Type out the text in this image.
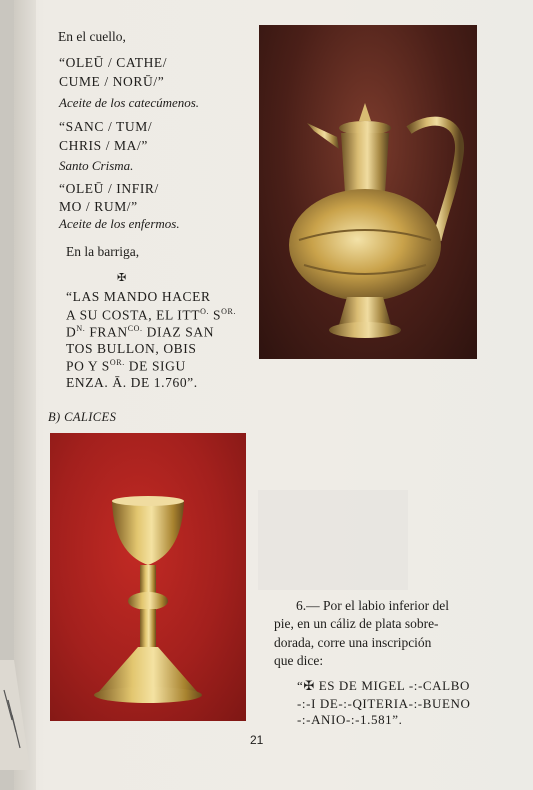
En el cuello,
“OLEŪ / CATHE/
CUME / NORŪ/”
Aceite de los catecúmenos.
“SANC / TUM/
CHRIS / MA/”
Santo Crisma.
“OLEŪ / INFIR/
MO / RUM/”
Aceite de los enfermos.
En la barriga,
✠
“LAS MANDO HACER
A SU COSTA, EL $ITT^{O.}$ $S^{OR.}$
$D^{N.}$ $FRAN^{CO.}$ DIAZ SAN
TOS BULLON, OBIS
PO Y $S^{OR.}$ DE SIGU
ENZA. Ā. DE 1.760”.
B) CALICES
6.— Por el labio inferior del
pie, en un cáliz de plata sobre-
dorada, corre una inscripción
que dice:
“✠ ES DE MIGEL -:-CALBO
-:-I DE-:-QITERIA-:-BUENO
-:-ANIO-:-1.581”.
21
